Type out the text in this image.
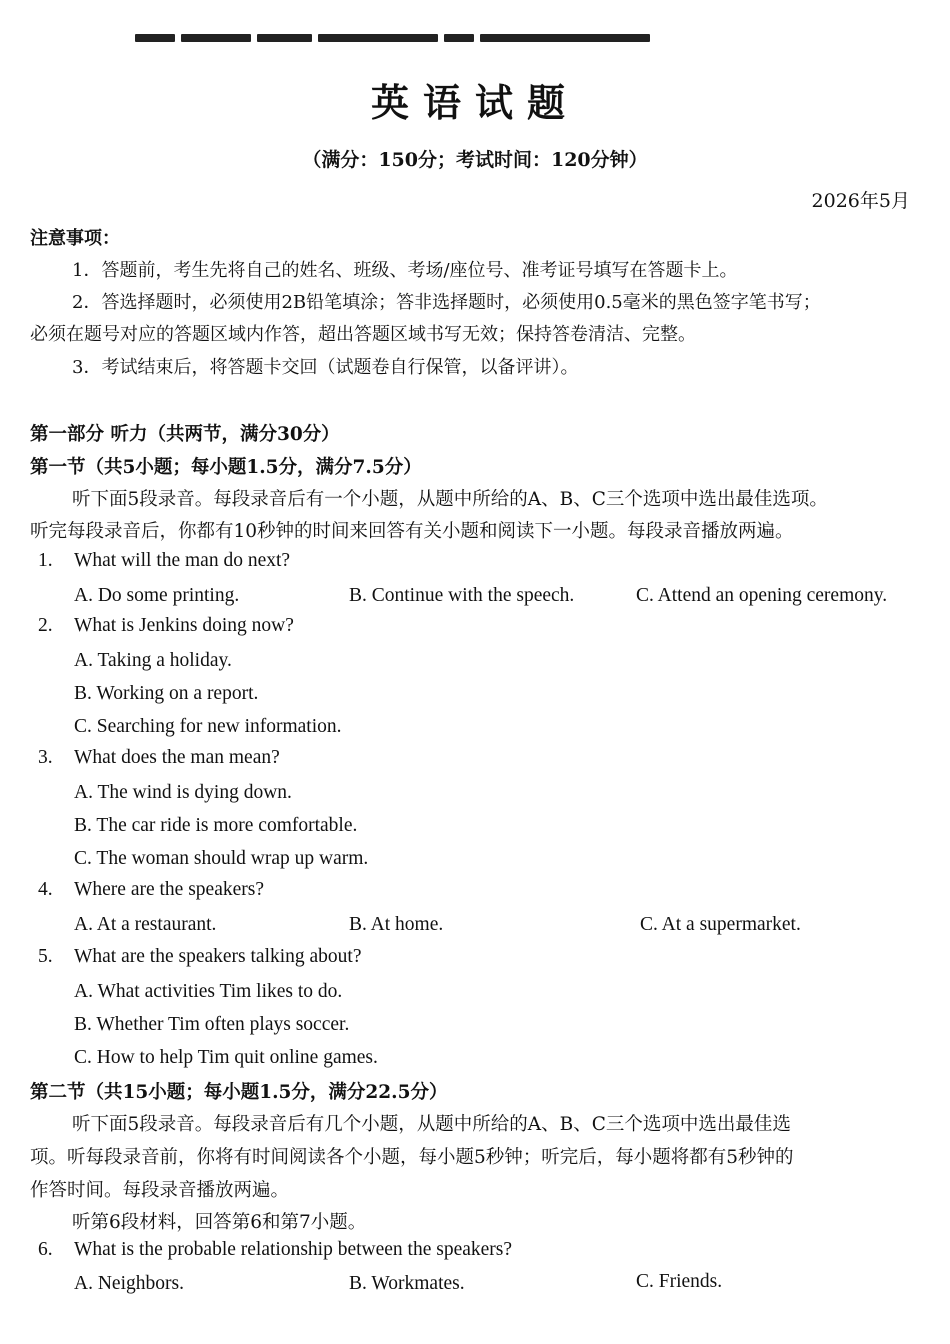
英语试题
（满分：150分；考试时间：120分钟）
2026年5月
注意事项：
1．答题前，考生先将自己的姓名、班级、考场/座位号、准考证号填写在答题卡上。
2．答选择题时，必须使用2B铅笔填涂；答非选择题时，必须使用0.5毫米的黑色签字笔书写；
必须在题号对应的答题区域内作答，超出答题区域书写无效；保持答卷清洁、完整。
3．考试结束后，将答题卡交回（试题卷自行保管，以备评讲）。
第一部分 听力（共两节，满分30分）
第一节（共5小题；每小题1.5分，满分7.5分）
听下面5段录音。每段录音后有一个小题，从题中所给的A、B、C三个选项中选出最佳选项。
听完每段录音后，你都有10秒钟的时间来回答有关小题和阅读下一小题。每段录音播放两遍。
1. What will the man do next?
A. Do some printing.	B. Continue with the speech.	C. Attend an opening ceremony.
2. What is Jenkins doing now?
A. Taking a holiday.
B. Working on a report.
C. Searching for new information.
3. What does the man mean?
A. The wind is dying down.
B. The car ride is more comfortable.
C. The woman should wrap up warm.
4. Where are the speakers?
A. At a restaurant.	B. At home.	C. At a supermarket.
5. What are the speakers talking about?
A. What activities Tim likes to do.
B. Whether Tim often plays soccer.
C. How to help Tim quit online games.
第二节（共15小题；每小题1.5分，满分22.5分）
听下面5段录音。每段录音后有几个小题，从题中所给的A、B、C三个选项中选出最佳选
项。听每段录音前，你将有时间阅读各个小题，每小题5秒钟；听完后，每小题将都有5秒钟的
作答时间。每段录音播放两遍。
听第6段材料，回答第6和第7小题。
6. What is the probable relationship between the speakers?
A. Neighbors.	B. Workmates.	C. Friends.
